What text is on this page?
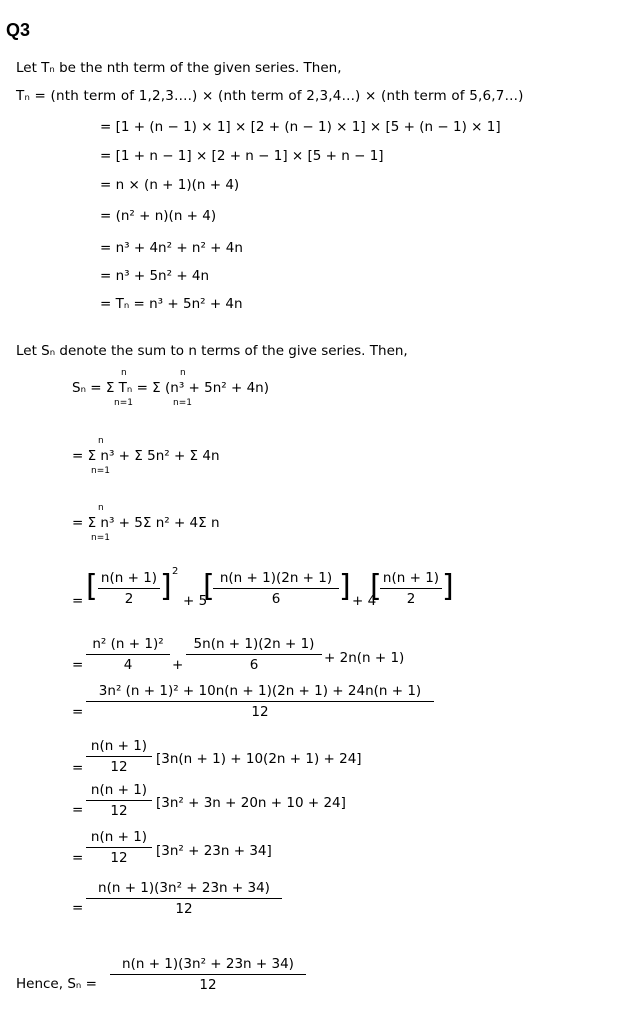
Q3
Let Tₙ be the nth term of the given series. Then,
Tₙ = (nth term of 1,2,3....) × (nth term of 2,3,4...) × (nth term of 5,6,7...)
= [1 + (n − 1) × 1] × [2 + (n − 1) × 1] × [5 + (n − 1) × 1]
= [1 + n − 1] × [2 + n − 1] × [5 + n − 1]
= n × (n + 1)(n + 4)
= (n² + n)(n + 4)
= n³ + 4n² + n² + 4n
= n³ + 5n² + 4n
= Tₙ = n³ + 5n² + 4n
Let Sₙ denote the sum to n terms of the give series. Then,
Sₙ = Σ Tₙ = Σ (n³ + 5n² + 4n)
n
n=1
n
n=1
= Σ n³ + Σ 5n² + Σ 4n
n
n=1
= Σ n³ + 5Σ n² + 4Σ n
n
n=1
= [ n(n + 1)
2 ] 2
+ 5
[ n(n + 1)(2n + 1)
6	] + 4
[ n(n + 1)
2 ]
=
n² (n + 1)²
4	+
5n(n + 1)(2n + 1)
6	+ 2n(n + 1)
=
3n² (n + 1)² + 10n(n + 1)(2n + 1) + 24n(n + 1)
12
=
n(n + 1)
12	[3n(n + 1) + 10(2n + 1) + 24]
=
n(n + 1)
12	[3n² + 3n + 20n + 10 + 24]
=
n(n + 1)
12	[3n² + 23n + 34]
=
n(n + 1)(3n² + 23n + 34)
12
Hence, Sₙ =
n(n + 1)(3n² + 23n + 34)
12
